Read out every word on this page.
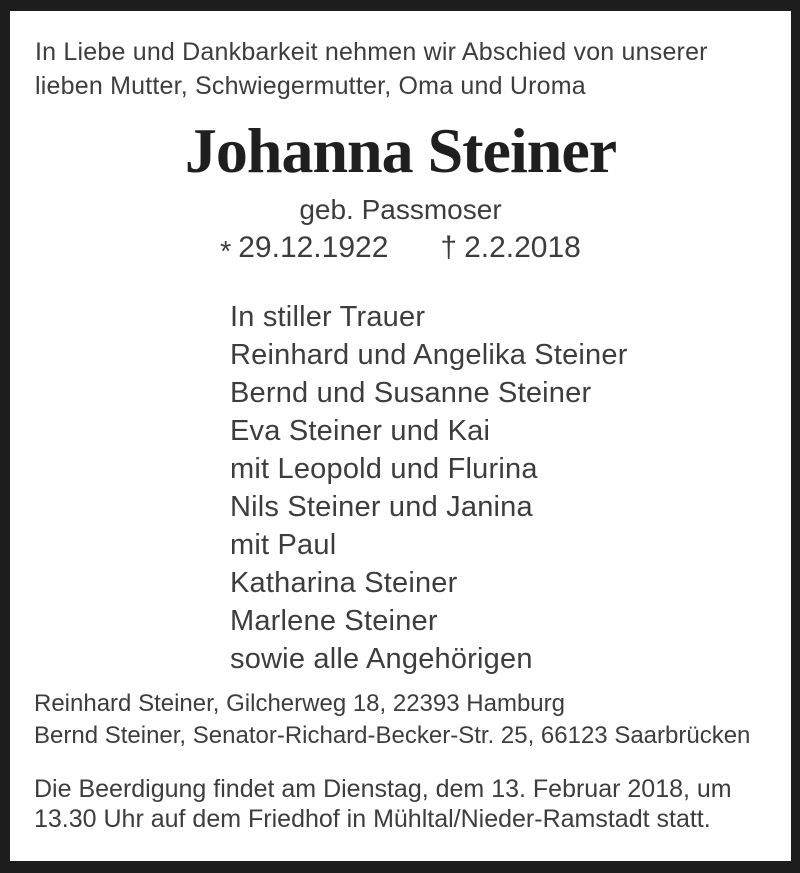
In Liebe und Dankbarkeit nehmen wir Abschied von unserer
lieben Mutter, Schwiegermutter, Oma und Uroma
Johanna Steiner
geb. Passmoser
* 29.12.1922 † 2.2.2018
In stiller Trauer
Reinhard und Angelika Steiner
Bernd und Susanne Steiner
Eva Steiner und Kai
mit Leopold und Flurina
Nils Steiner und Janina
mit Paul
Katharina Steiner
Marlene Steiner
sowie alle Angehörigen
Reinhard Steiner, Gilcherweg 18, 22393 Hamburg
Bernd Steiner, Senator-Richard-Becker-Str. 25, 66123 Saarbrücken
Die Beerdigung findet am Dienstag, dem 13. Februar 2018, um
13.30 Uhr auf dem Friedhof in Mühltal/Nieder-Ramstadt statt.
